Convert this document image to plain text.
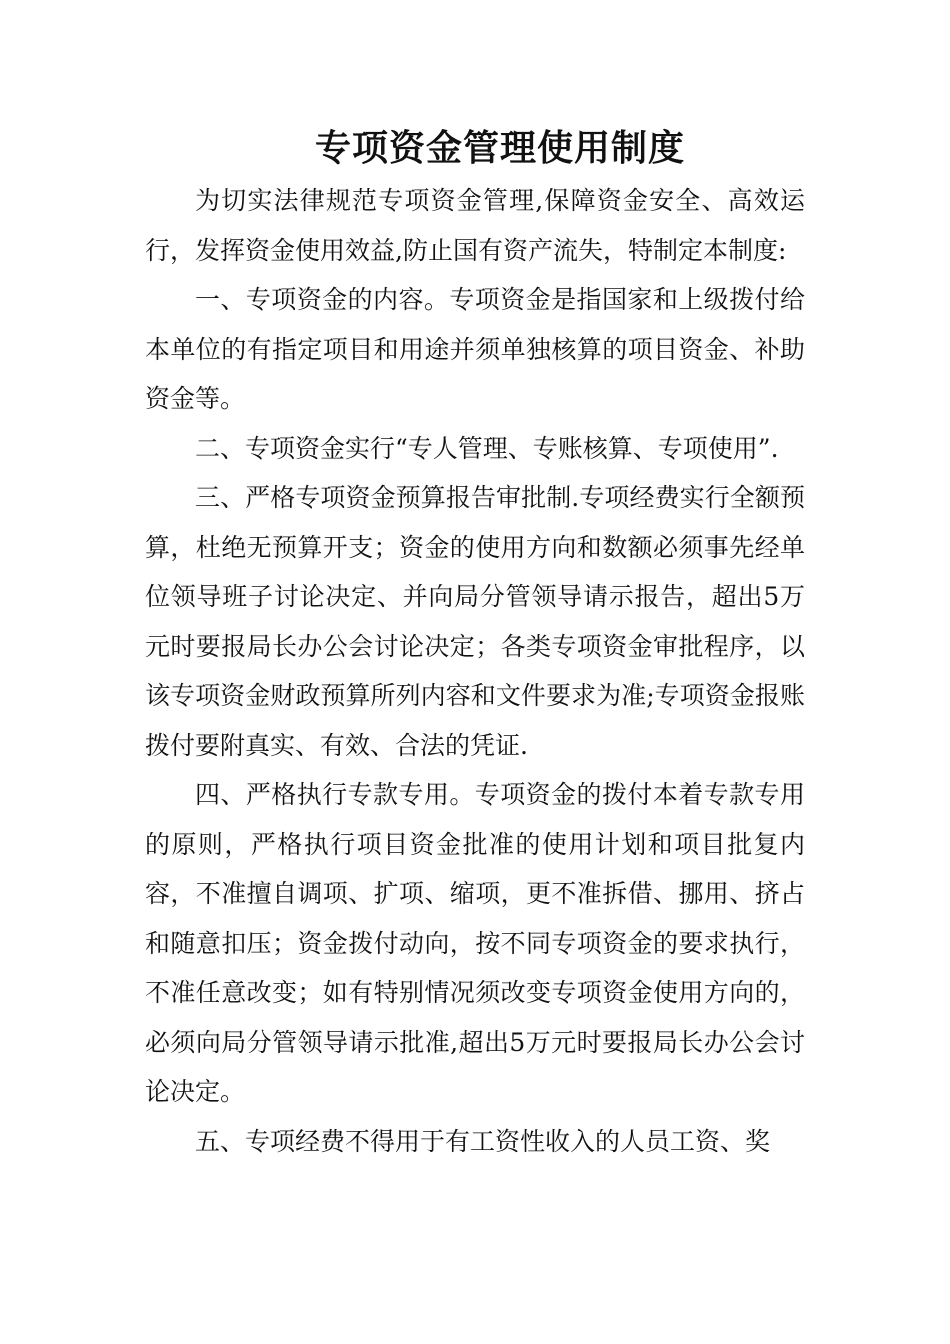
专项资金管理使用制度

为切实法律规范专项资金管理,保障资金安全、高效运行，发挥资金使用效益,防止国有资产流失，特制定本制度:

一、专项资金的内容。专项资金是指国家和上级拨付给本单位的有指定项目和用途并须单独核算的项目资金、补助资金等。

二、专项资金实行“专人管理、专账核算、专项使用”.

三、严格专项资金预算报告审批制.专项经费实行全额预算，杜绝无预算开支；资金的使用方向和数额必须事先经单位领导班子讨论决定、并向局分管领导请示报告，超出5万元时要报局长办公会讨论决定；各类专项资金审批程序，以该专项资金财政预算所列内容和文件要求为准;专项资金报账拨付要附真实、有效、合法的凭证.

四、严格执行专款专用。专项资金的拨付本着专款专用的原则，严格执行项目资金批准的使用计划和项目批复内容，不准擅自调项、扩项、缩项，更不准拆借、挪用、挤占和随意扣压；资金拨付动向，按不同专项资金的要求执行，不准任意改变；如有特别情况须改变专项资金使用方向的，必须向局分管领导请示批准,超出5万元时要报局长办公会讨论决定。

五、专项经费不得用于有工资性收入的人员工资、奖
